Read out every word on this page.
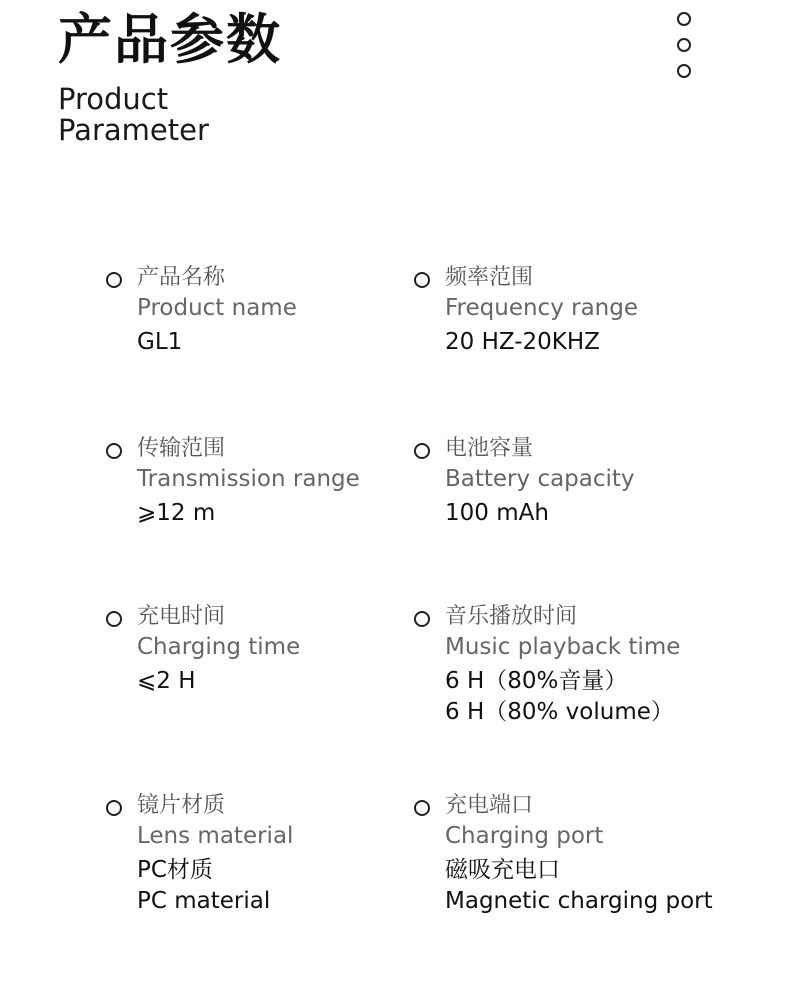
产品参数
Product Parameter
产品名称
Product name
GL1
频率范围
Frequency range
20 HZ-20KHZ
传输范围
Transmission range
⩾12 m
电池容量
Battery capacity
100 mAh
充电时间
Charging time
⩽2 H
音乐播放时间
Music playback time
6 H（80%音量）
6 H（80% volume）
镜片材质
Lens material
PC材质
PC material
充电端口
Charging port
磁吸充电口
Magnetic charging port
